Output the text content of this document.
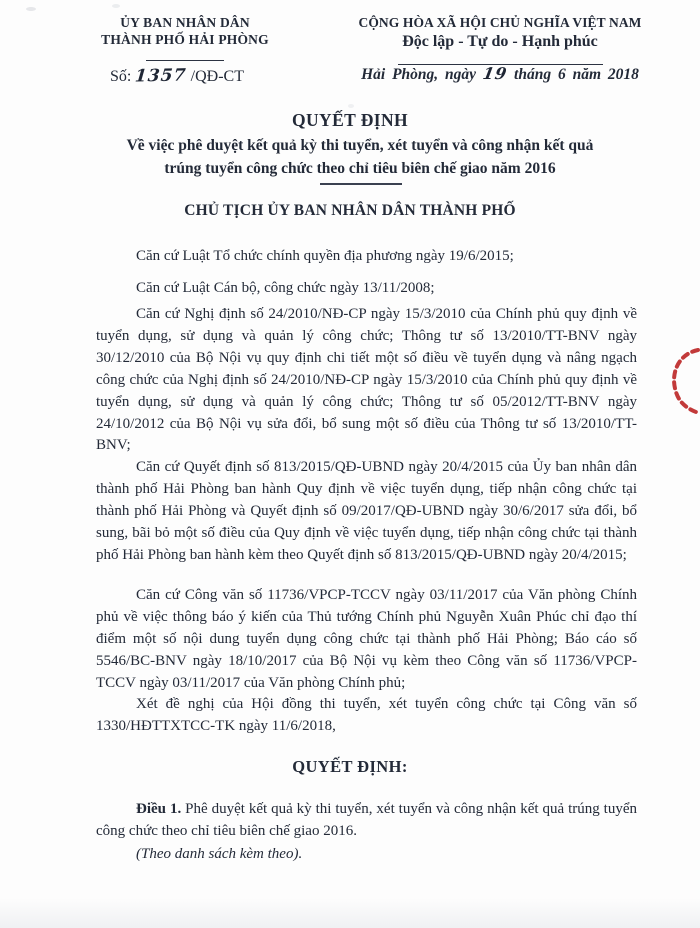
ỦY BAN NHÂN DÂN
THÀNH PHỐ HẢI PHÒNG
CỘNG HÒA XÃ HỘI CHỦ NGHĨA VIỆT NAM
Độc lập - Tự do - Hạnh phúc
Số: 1357 /QĐ-CT	Hải Phòng, ngày 19 tháng 6 năm 2018
QUYẾT ĐỊNH
Về việc phê duyệt kết quả kỳ thi tuyển, xét tuyển và công nhận kết quả
trúng tuyển công chức theo chỉ tiêu biên chế giao năm 2016
CHỦ TỊCH ỦY BAN NHÂN DÂN THÀNH PHỐ
Căn cứ Luật Tổ chức chính quyền địa phương ngày 19/6/2015;
Căn cứ Luật Cán bộ, công chức ngày 13/11/2008;
Căn cứ Nghị định số 24/2010/NĐ-CP ngày 15/3/2010 của Chính phủ quy định về tuyển dụng, sử dụng và quản lý công chức; Thông tư số 13/2010/TT-BNV ngày 30/12/2010 của Bộ Nội vụ quy định chi tiết một số điều về tuyển dụng và nâng ngạch công chức của Nghị định số 24/2010/NĐ-CP ngày 15/3/2010 của Chính phủ quy định về tuyển dụng, sử dụng và quản lý công chức; Thông tư số 05/2012/TT-BNV ngày 24/10/2012 của Bộ Nội vụ sửa đổi, bổ sung một số điều của Thông tư số 13/2010/TT-BNV;
Căn cứ Quyết định số 813/2015/QĐ-UBND ngày 20/4/2015 của Ủy ban nhân dân thành phố Hải Phòng ban hành Quy định về việc tuyển dụng, tiếp nhận công chức tại thành phố Hải Phòng và Quyết định số 09/2017/QĐ-UBND ngày 30/6/2017 sửa đổi, bổ sung, bãi bỏ một số điều của Quy định về việc tuyển dụng, tiếp nhận công chức tại thành phố Hải Phòng ban hành kèm theo Quyết định số 813/2015/QĐ-UBND ngày 20/4/2015;
Căn cứ Công văn số 11736/VPCP-TCCV ngày 03/11/2017 của Văn phòng Chính phủ về việc thông báo ý kiến của Thủ tướng Chính phủ Nguyễn Xuân Phúc chỉ đạo thí điểm một số nội dung tuyển dụng công chức tại thành phố Hải Phòng; Báo cáo số 5546/BC-BNV ngày 18/10/2017 của Bộ Nội vụ kèm theo Công văn số 11736/VPCP-TCCV ngày 03/11/2017 của Văn phòng Chính phủ;
Xét đề nghị của Hội đồng thi tuyển, xét tuyển công chức tại Công văn số 1330/HĐTTXTCC-TK ngày 11/6/2018,
QUYẾT ĐỊNH:
Điều 1. Phê duyệt kết quả kỳ thi tuyển, xét tuyển và công nhận kết quả trúng tuyển công chức theo chỉ tiêu biên chế giao 2016.
(Theo danh sách kèm theo).
